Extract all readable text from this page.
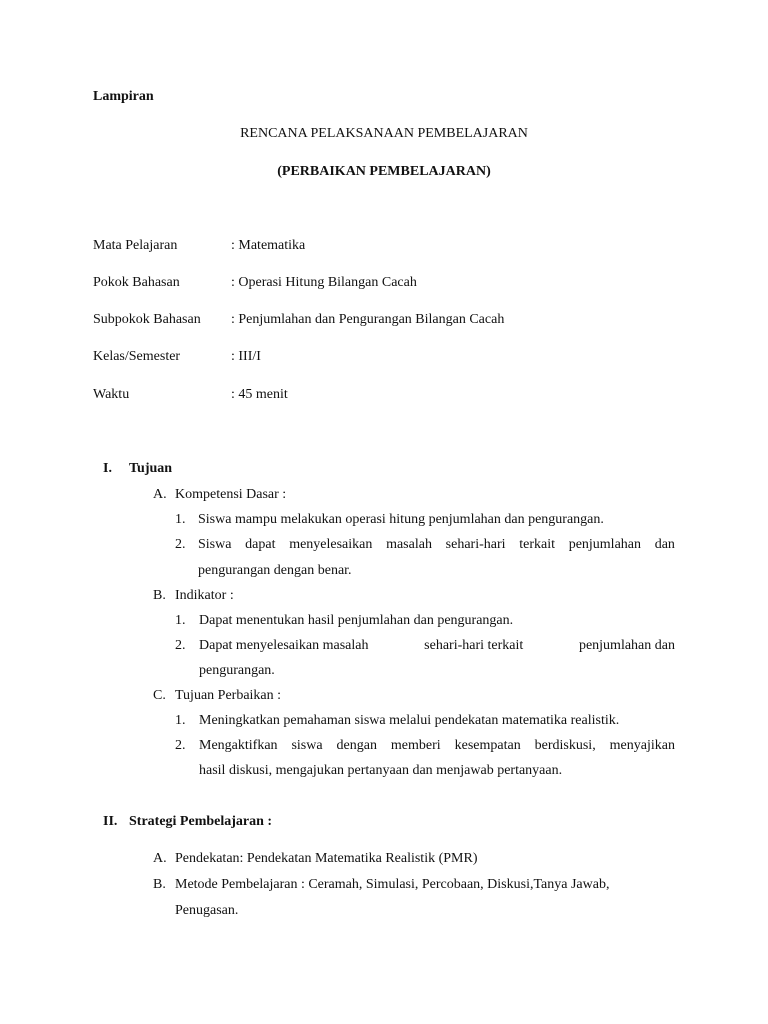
Lampiran
RENCANA PELAKSANAAN PEMBELAJARAN
(PERBAIKAN PEMBELAJARAN)
Mata Pelajaran	: Matematika
Pokok Bahasan	: Operasi Hitung Bilangan Cacah
Subpokok Bahasan : Penjumlahan dan Pengurangan Bilangan Cacah
Kelas/Semester	: III/I
Waktu	: 45 menit
I. Tujuan
A. Kompetensi Dasar :
1. Siswa mampu melakukan operasi hitung penjumlahan dan pengurangan.
2. Siswa dapat menyelesaikan masalah sehari-hari terkait penjumlahan dan
pengurangan dengan benar.
B. Indikator :
1. Dapat menentukan hasil penjumlahan dan pengurangan.
2. Dapat menyelesaikan masalah	sehari-hari terkait	penjumlahan dan
pengurangan.
C. Tujuan Perbaikan :
1. Meningkatkan pemahaman siswa melalui pendekatan matematika realistik.
2. Mengaktifkan siswa dengan memberi kesempatan berdiskusi, menyajikan
hasil diskusi, mengajukan pertanyaan dan menjawab pertanyaan.
II. Strategi Pembelajaran :
A. Pendekatan: Pendekatan Matematika Realistik (PMR)
B. Metode Pembelajaran : Ceramah, Simulasi, Percobaan, Diskusi,Tanya Jawab,
Penugasan.
